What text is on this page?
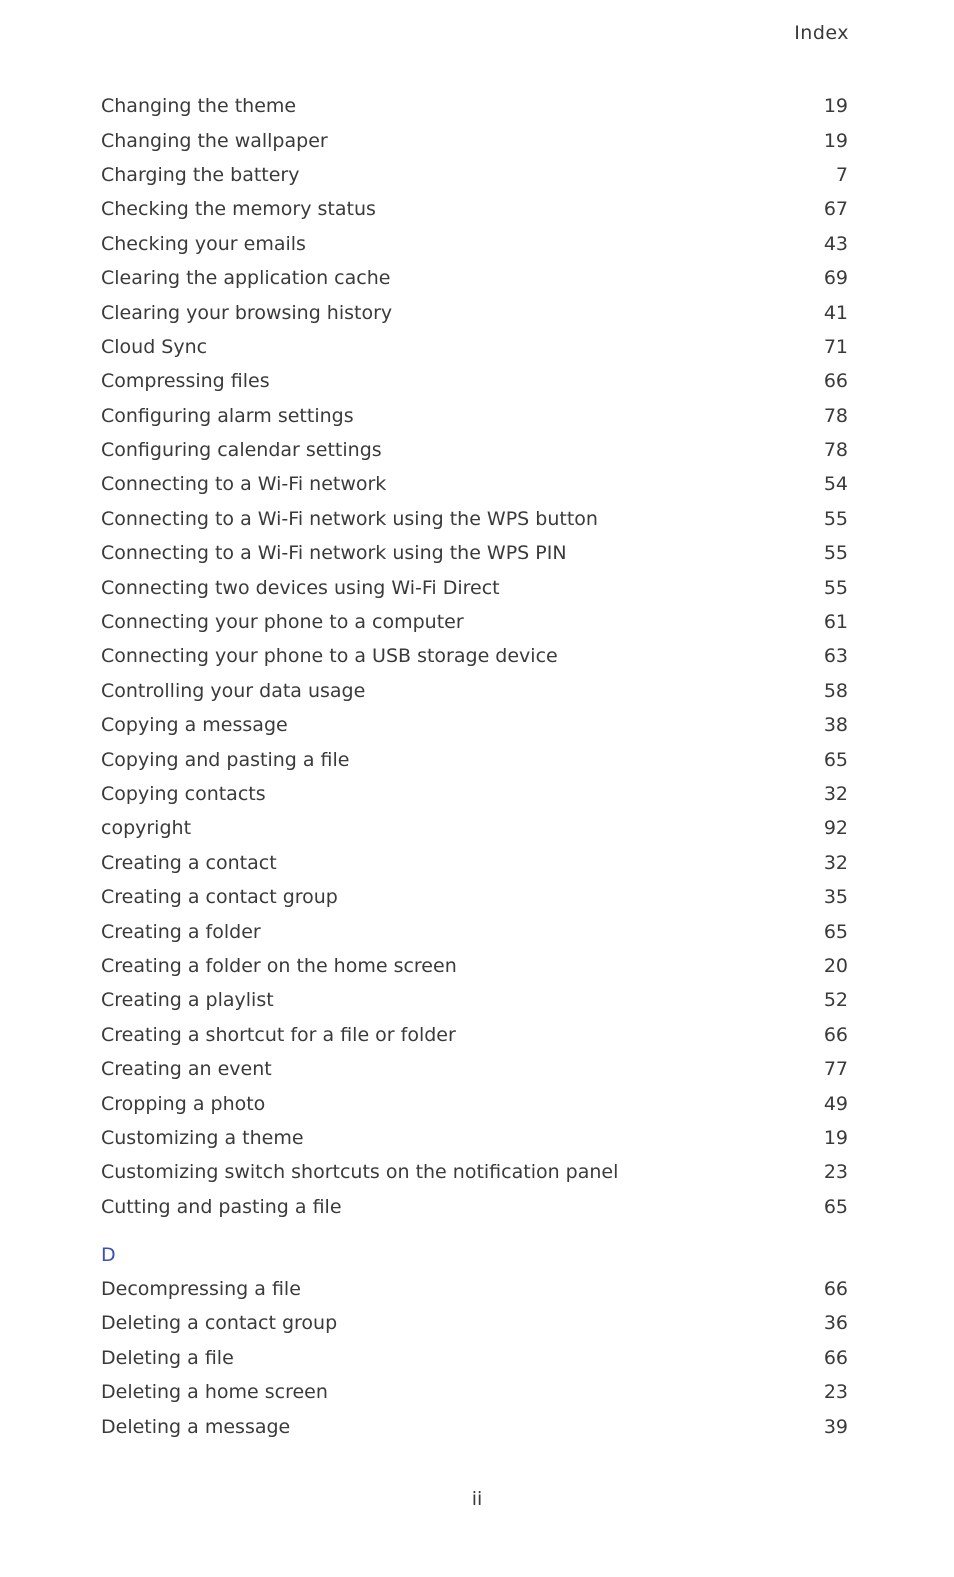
Index
Changing the theme	19
Changing the wallpaper	19
Charging the battery	7
Checking the memory status	67
Checking your emails	43
Clearing the application cache	69
Clearing your browsing history	41
Cloud Sync	71
Compressing files	66
Configuring alarm settings	78
Configuring calendar settings	78
Connecting to a Wi-Fi network	54
Connecting to a Wi-Fi network using the WPS button	55
Connecting to a Wi-Fi network using the WPS PIN	55
Connecting two devices using Wi-Fi Direct	55
Connecting your phone to a computer	61
Connecting your phone to a USB storage device	63
Controlling your data usage	58
Copying a message	38
Copying and pasting a file	65
Copying contacts	32
copyright	92
Creating a contact	32
Creating a contact group	35
Creating a folder	65
Creating a folder on the home screen	20
Creating a playlist	52
Creating a shortcut for a file or folder	66
Creating an event	77
Cropping a photo	49
Customizing a theme	19
Customizing switch shortcuts on the notification panel	23
Cutting and pasting a file	65
D
Decompressing a file	66
Deleting a contact group	36
Deleting a file	66
Deleting a home screen	23
Deleting a message	39
ii
